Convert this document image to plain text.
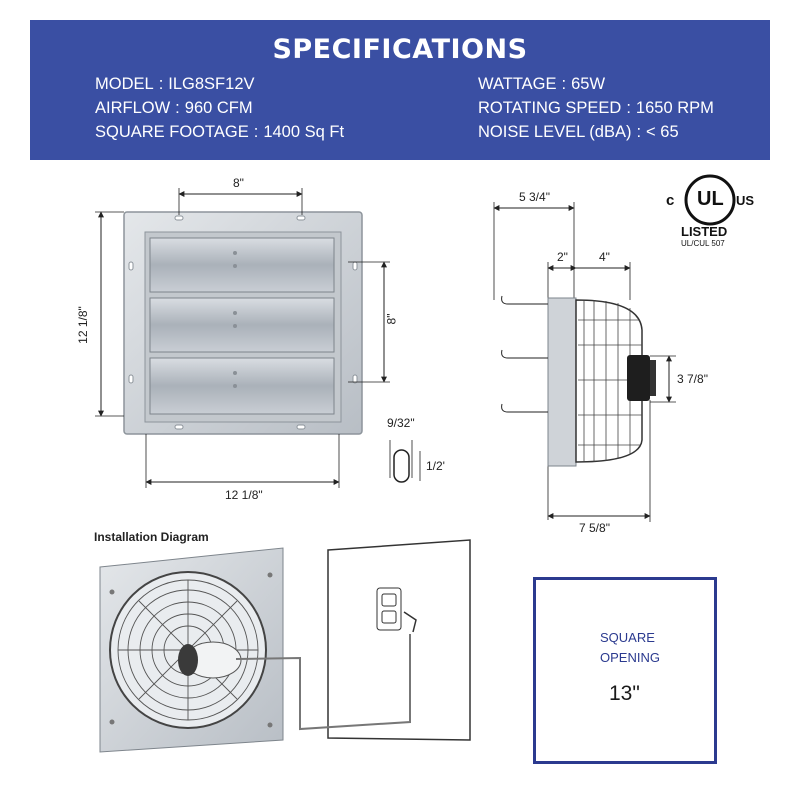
SPECIFICATIONS
MODEL : ILG8SF12V
AIRFLOW : 960 CFM
SQUARE FOOTAGE : 1400 Sq Ft
WATTAGE : 65W
ROTATING SPEED : 1650 RPM
NOISE LEVEL (dBA) : < 65
8"
12 1/8"	8"
12 1/8"
9/32"
1/2'
5 3/4"
2"	4"
3 7/8"
7 5/8"
c UL US
LISTED
UL/CUL 507
Installation Diagram
SQUARE
OPENING
13"
